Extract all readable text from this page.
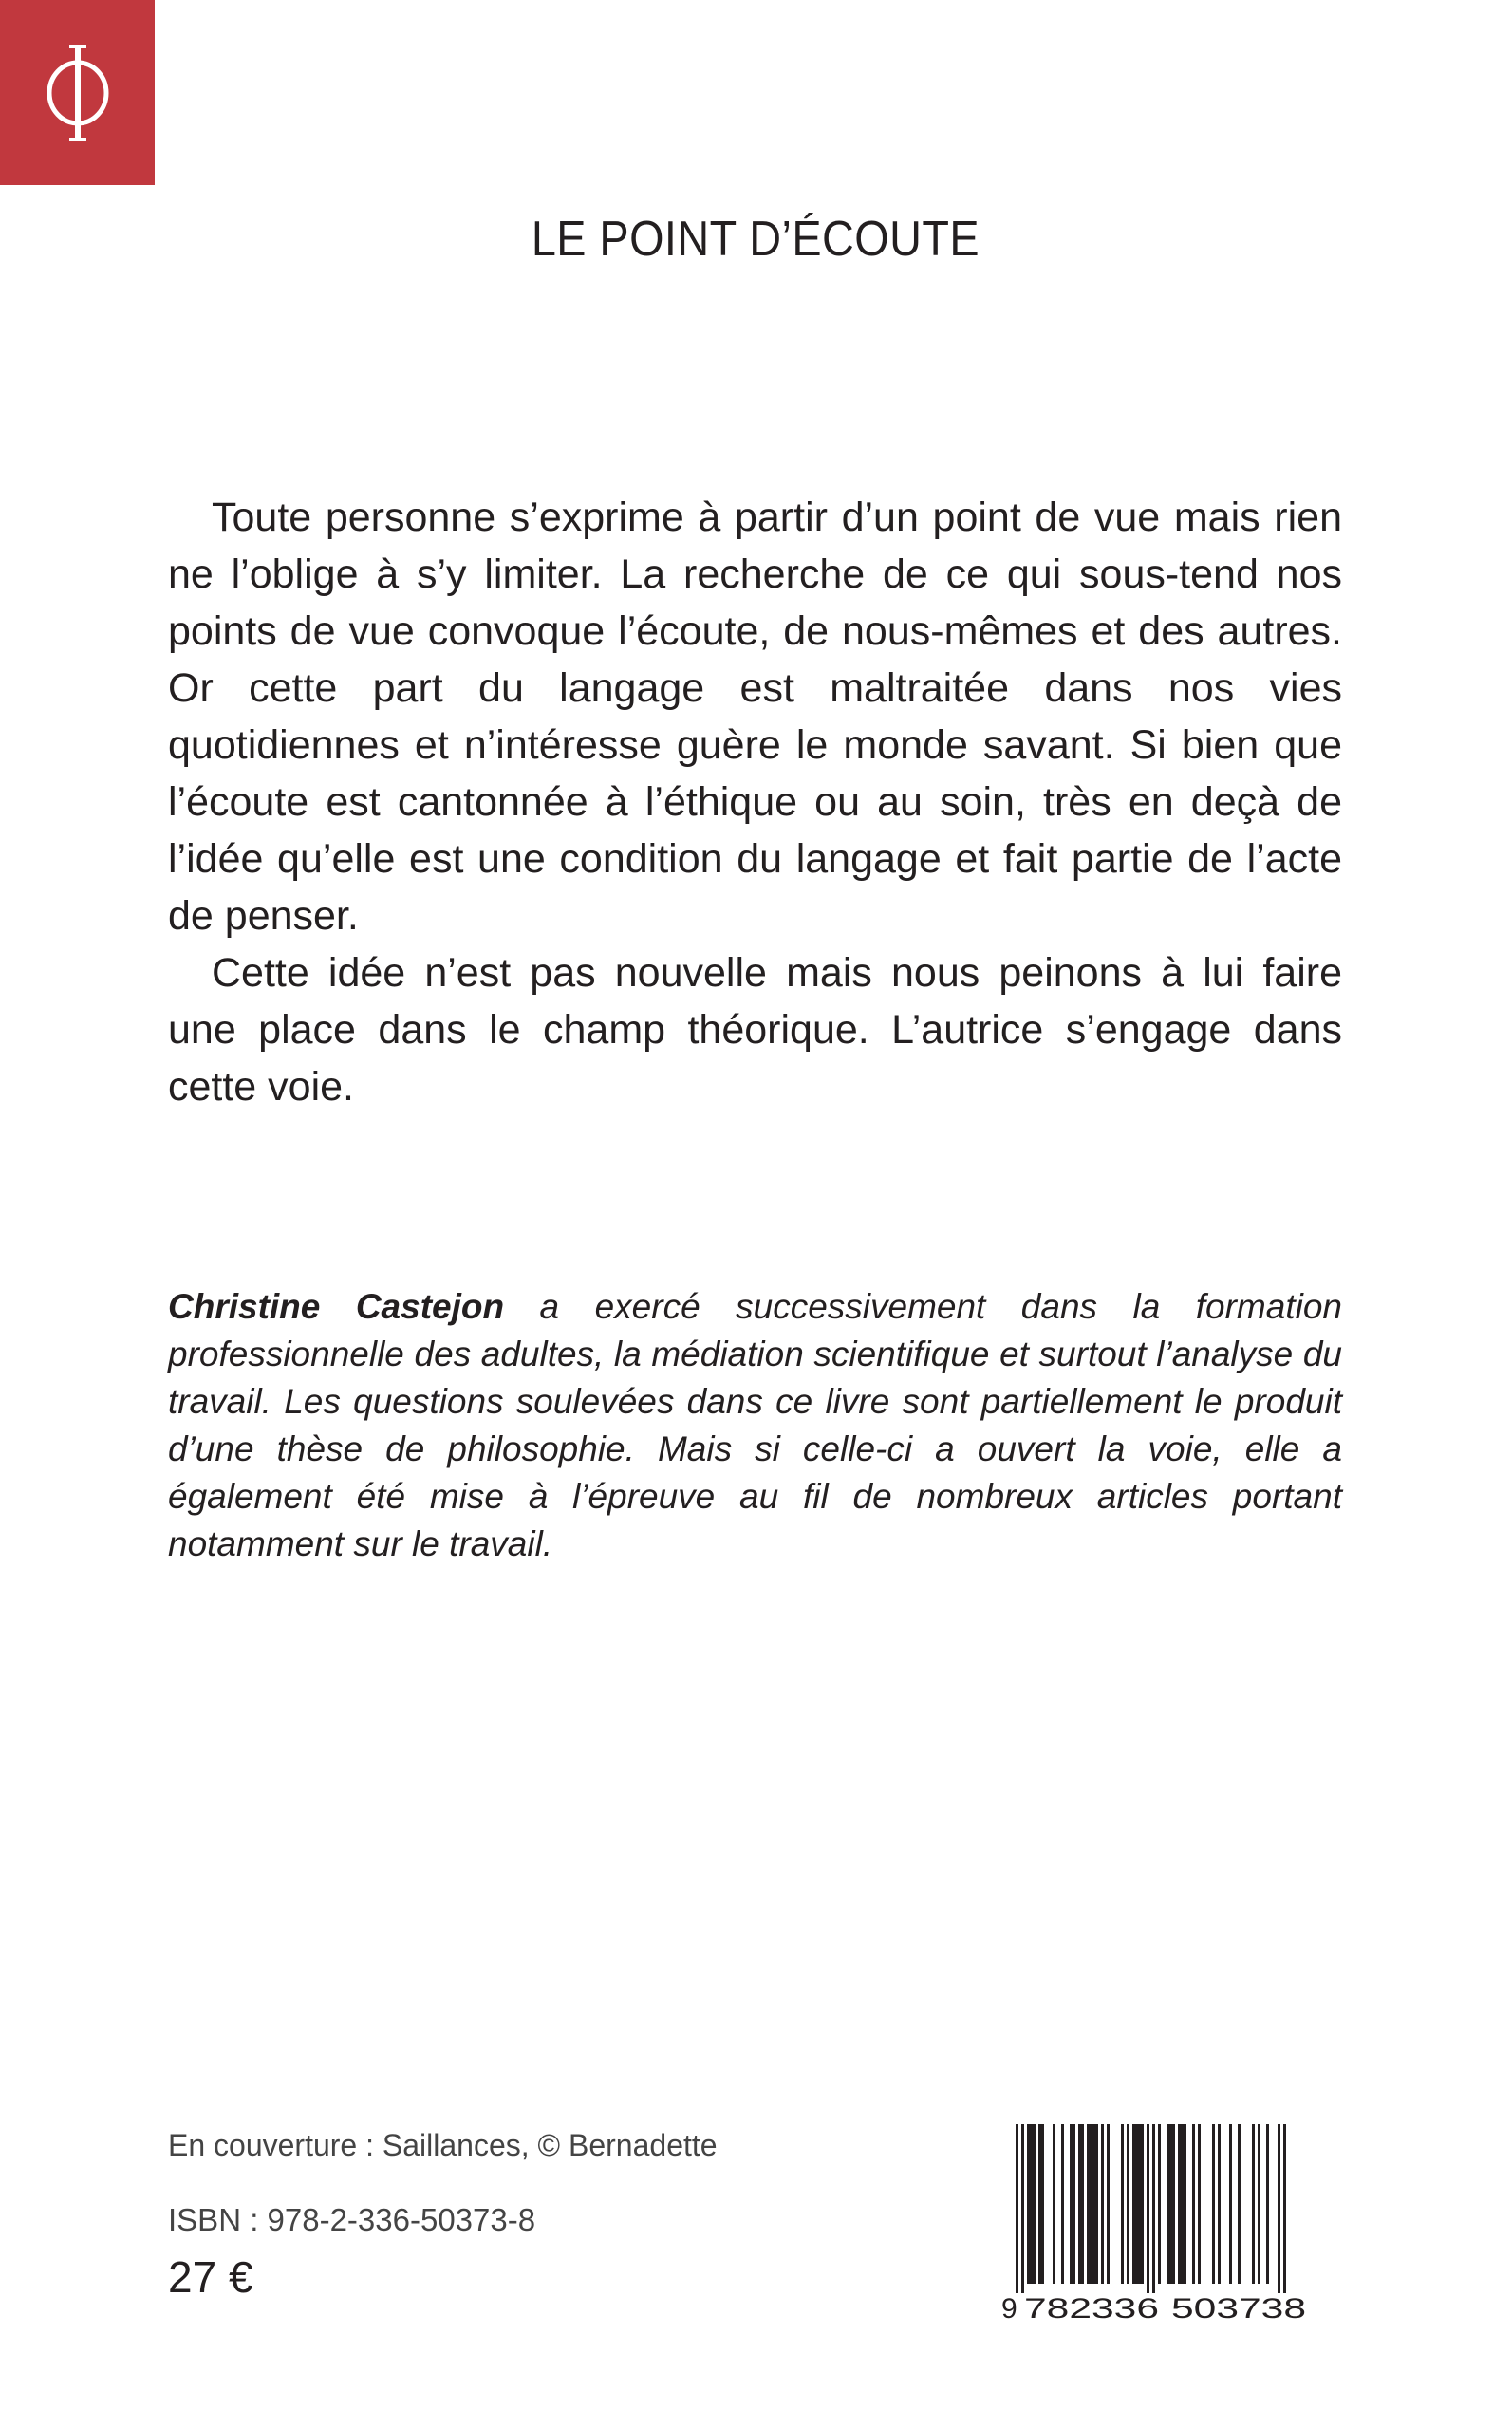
LE POINT D’ÉCOUTE

Toute personne s’exprime à partir d’un point de vue mais rien ne l’oblige à s’y limiter. La recherche de ce qui sous-tend nos points de vue convoque l’écoute, de nous-mêmes et des autres. Or cette part du langage est maltraitée dans nos vies quotidiennes et n’intéresse guère le monde savant. Si bien que l’écoute est cantonnée à l’éthique ou au soin, très en deçà de l’idée qu’elle est une condition du langage et fait partie de l’acte de penser.

Cette idée n’est pas nouvelle mais nous peinons à lui faire une place dans le champ théorique. L’autrice s’engage dans cette voie.

Christine Castejon a exercé successivement dans la formation professionnelle des adultes, la médiation scientifique et surtout l’analyse du travail. Les questions soulevées dans ce livre sont partiellement le produit d’une thèse de philosophie. Mais si celle-ci a ouvert la voie, elle a également été mise à l’épreuve au fil de nombreux articles portant notamment sur le travail.

En couverture : Saillances, © Bernadette
ISBN : 978-2-336-50373-8
27 €
9 782336 503738
